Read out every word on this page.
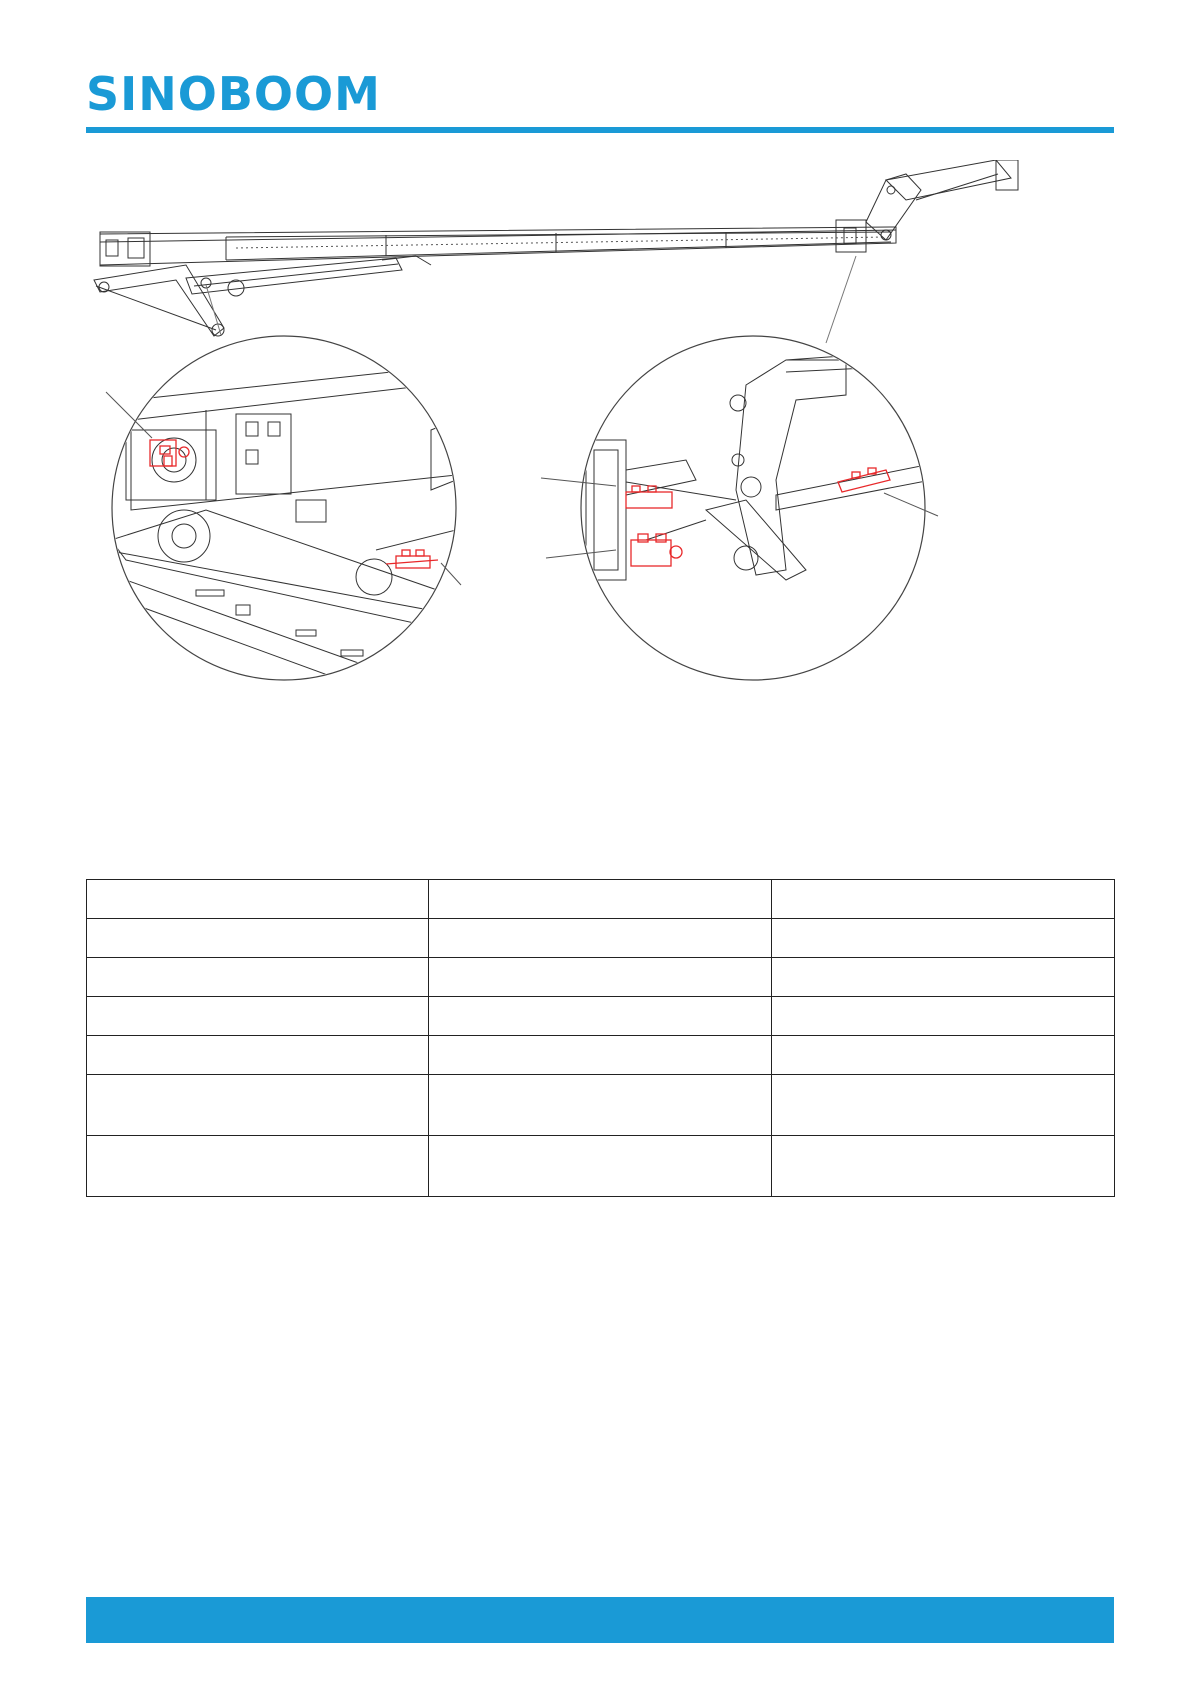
SINOBOOM
